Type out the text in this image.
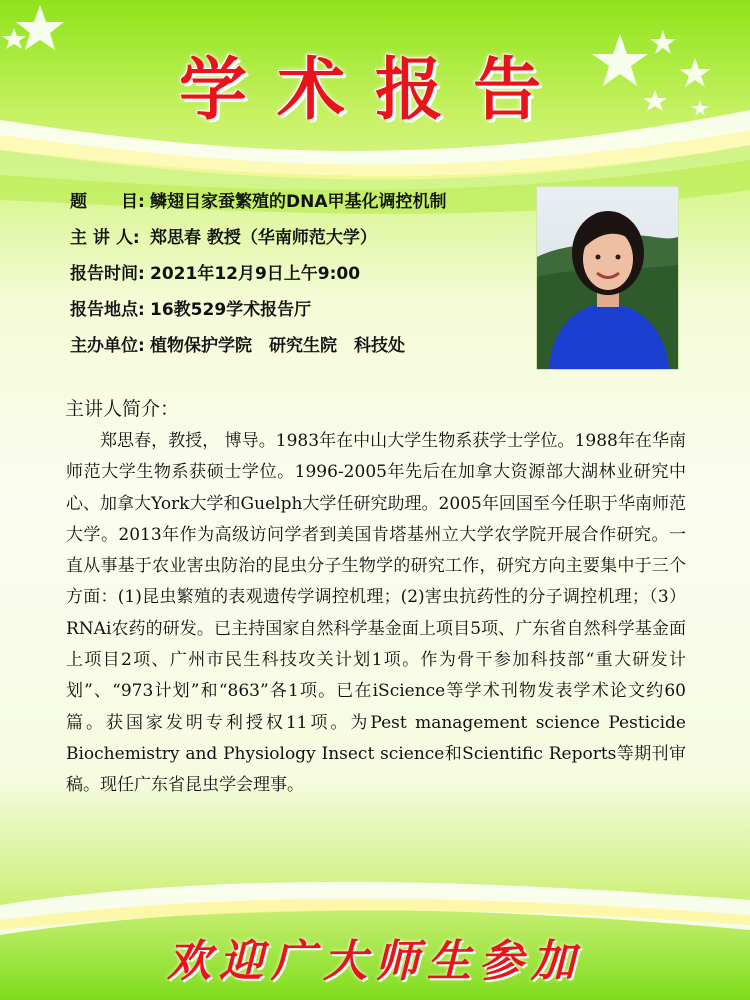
学术报告
题　　目: 鳞翅目家蚕繁殖的DNA甲基化调控机制
主 讲 人: 郑思春 教授（华南师范大学）
报告时间: 2021年12月9日上午9:00
报告地点: 16教529学术报告厅
主办单位: 植物保护学院　研究生院　科技处
主讲人简介：

郑思春，教授， 博导。1983年在中山大学生物系获学士学位。1988年在华南师范大学生物系获硕士学位。1996-2005年先后在加拿大资源部大湖林业研究中心、加拿大York大学和Guelph大学任研究助理。2005年回国至今任职于华南师范大学。2013年作为高级访问学者到美国肯塔基州立大学农学院开展合作研究。一直从事基于农业害虫防治的昆虫分子生物学的研究工作，研究方向主要集中于三个方面：(1)昆虫繁殖的表观遗传学调控机理；(2)害虫抗药性的分子调控机理；（3）RNAi农药的研发。已主持国家自然科学基金面上项目5项、广东省自然科学基金面上项目2项、广州市民生科技攻关计划1项。作为骨干参加科技部“重大研发计划”、“973计划”和“863”各1项。已在iScience等学术刊物发表学术论文约60篇。获国家发明专利授权11项。为Pest management science Pesticide Biochemistry and Physiology Insect science和Scientific Reports等期刊审稿。现任广东省昆虫学会理事。

欢迎广大师生参加
